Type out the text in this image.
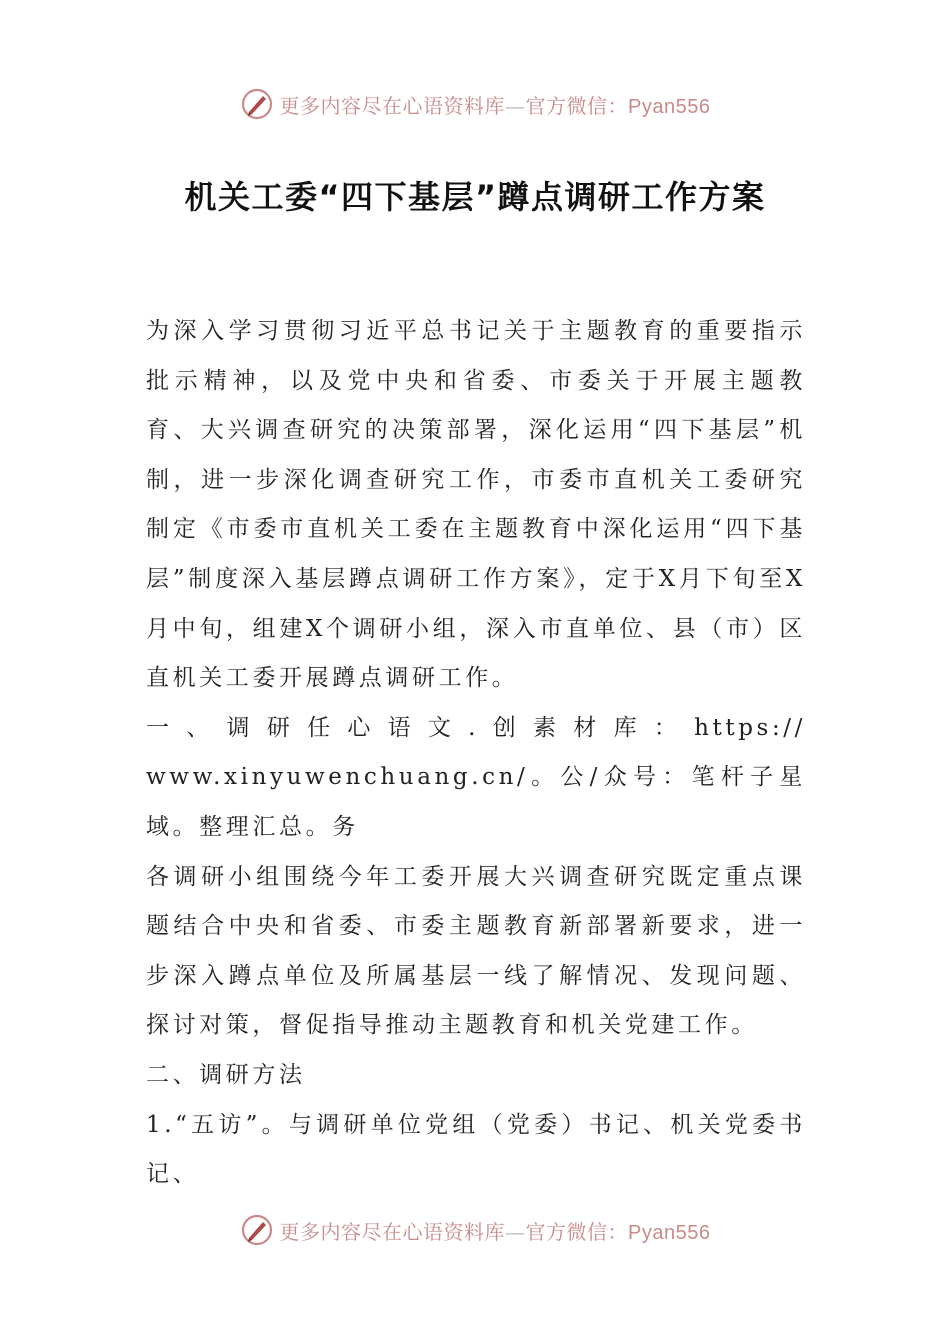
更多内容尽在心语资料库—官方微信：Pyan556
机关工委“四下基层”蹲点调研工作方案

为深入学习贯彻习近平总书记关于主题教育的重要指示批示精神，以及党中央和省委、市委关于开展主题教育、大兴调查研究的决策部署，深化运用“四下基层”机制，进一步深化调查研究工作，市委市直机关工委研究制定《市委市直机关工委在主题教育中深化运用“四下基层”制度深入基层蹲点调研工作方案》，定于X月下旬至X月中旬，组建X个调研小组，深入市直单位、县（市）区直机关工委开展蹲点调研工作。

一、调研任心语文.创素材库：https://

www.xinyuwenchuang.cn/。公/众号：笔杆子星域。整理汇总。务

各调研小组围绕今年工委开展大兴调查研究既定重点课题结合中央和省委、市委主题教育新部署新要求，进一步深入蹲点单位及所属基层一线了解情况、发现问题、探讨对策，督促指导推动主题教育和机关党建工作。

二、调研方法

1.“五访”。与调研单位党组（党委）书记、机关党委书记、

更多内容尽在心语资料库—官方微信：Pyan556
